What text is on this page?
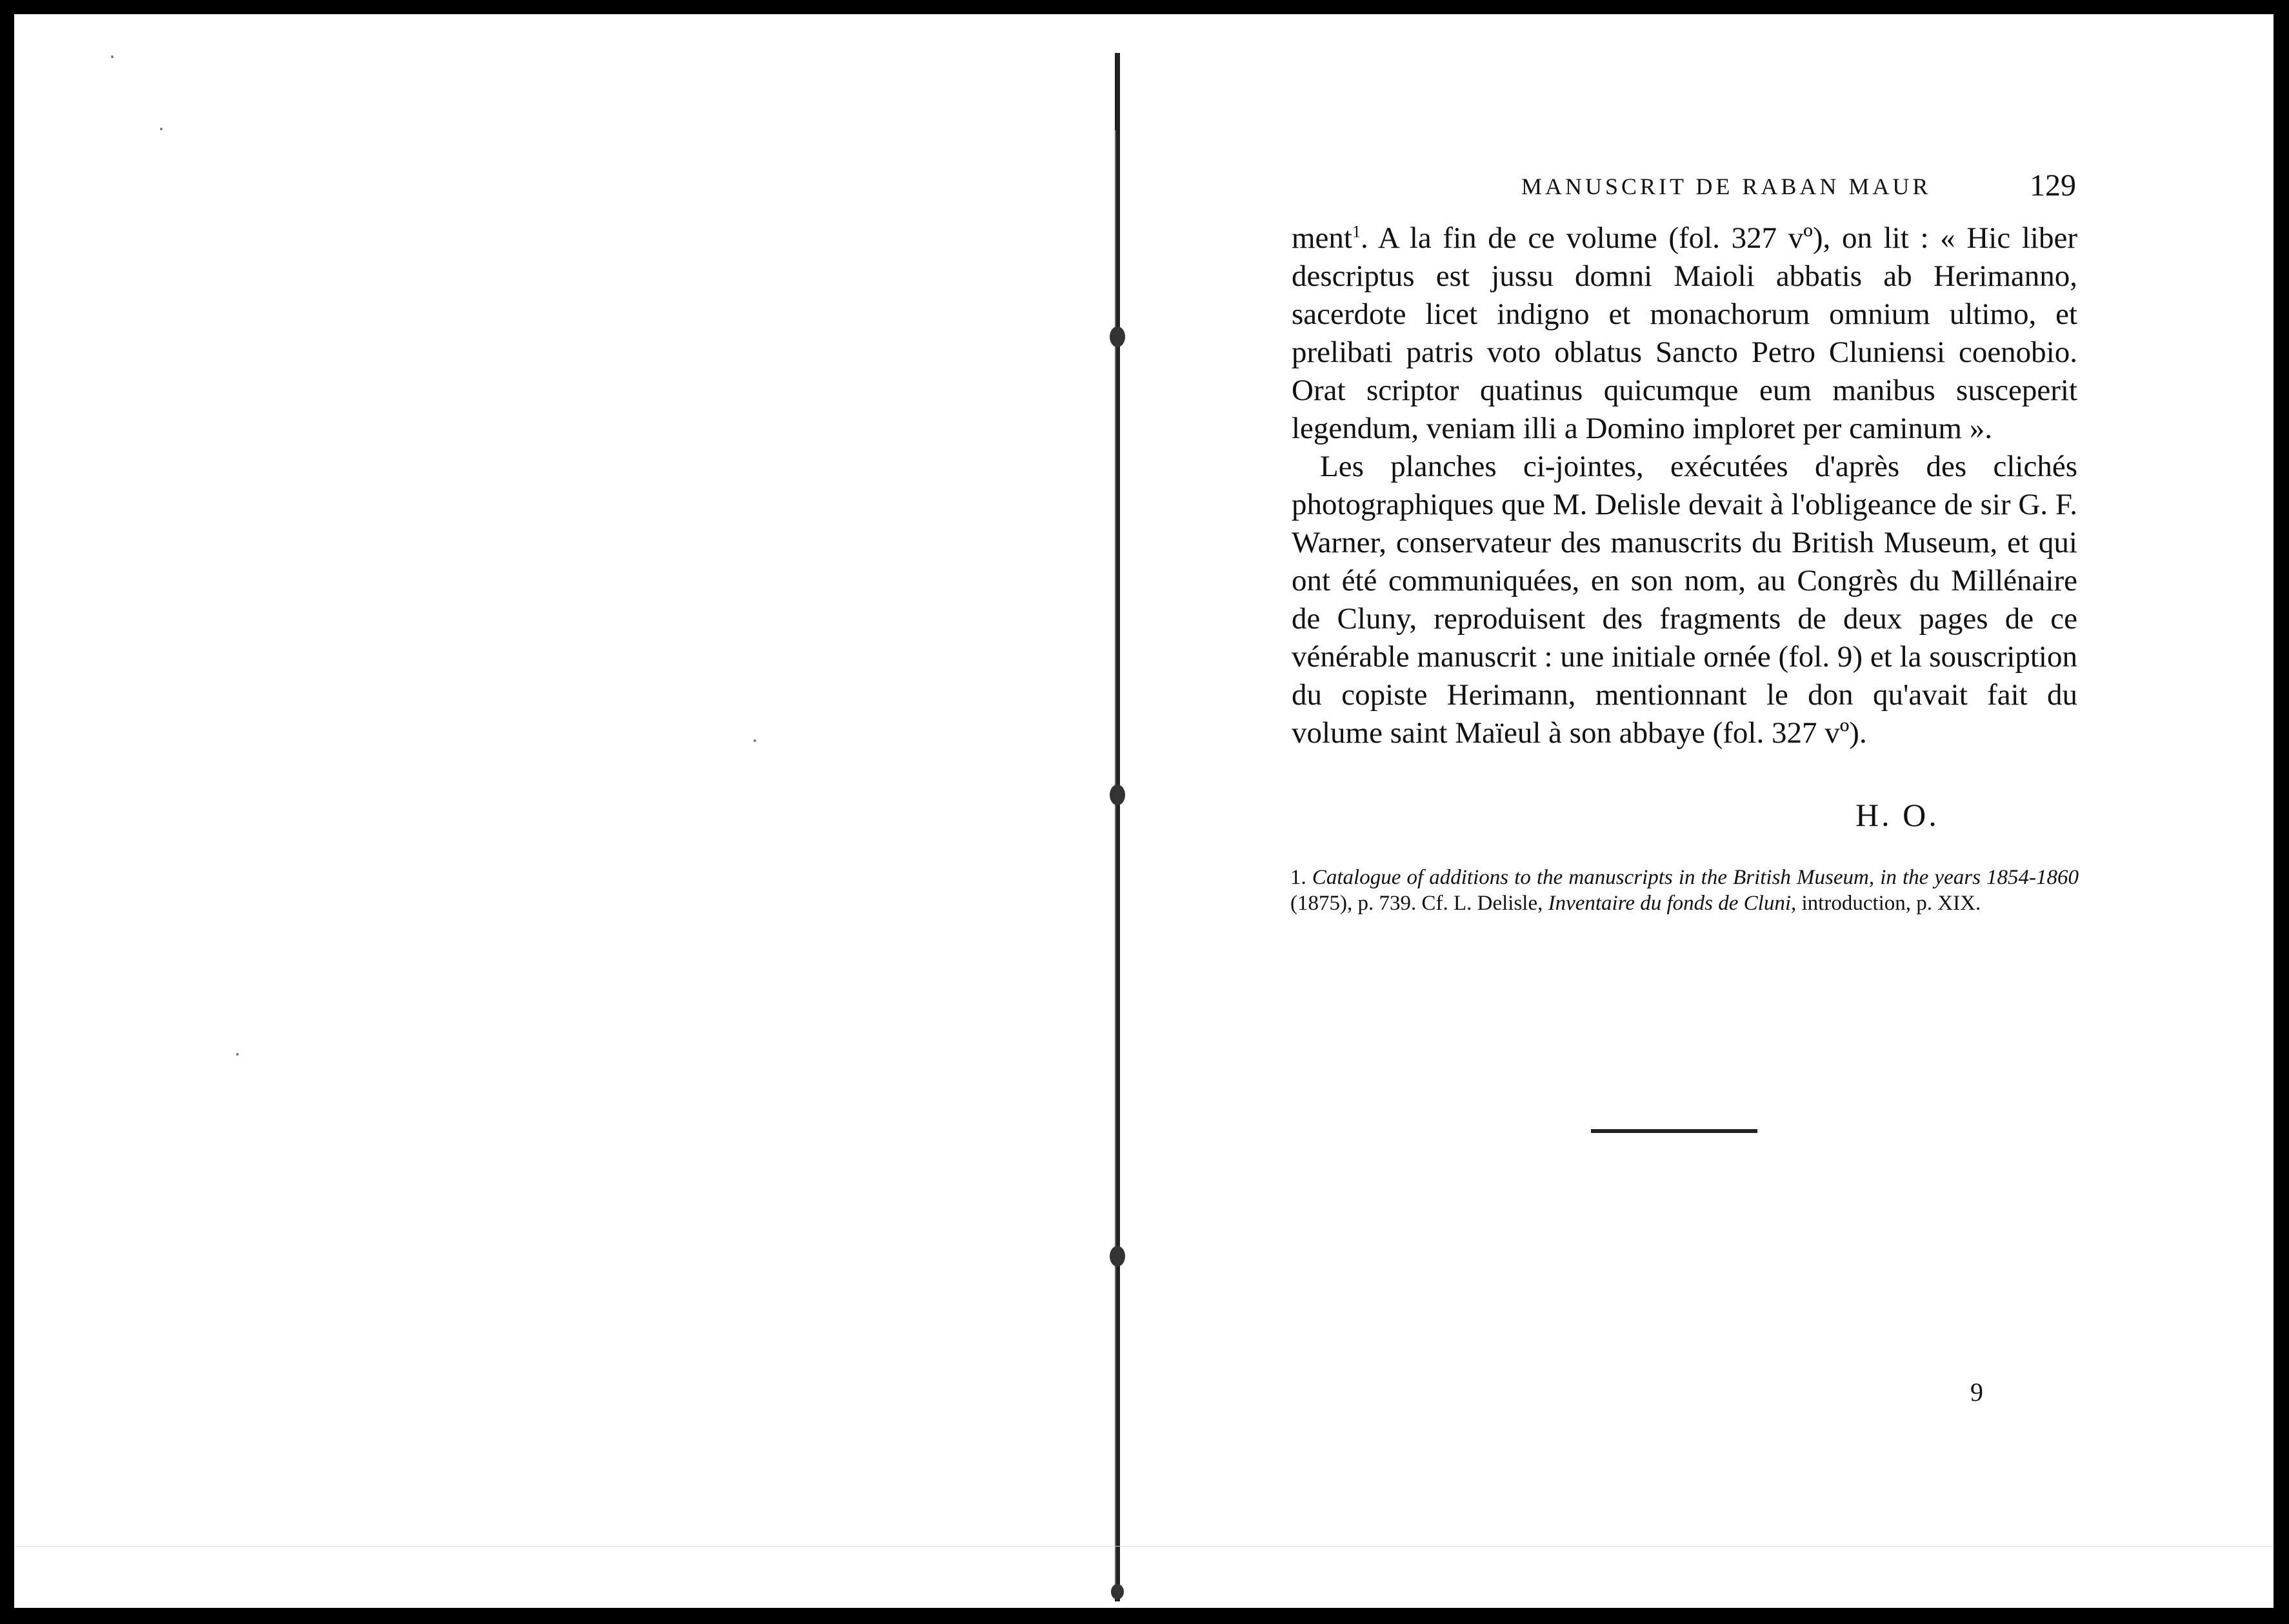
MANUSCRIT DE RABAN MAUR	129

ment$^1$. A la fin de ce volume (fol. 327 vº), on lit : « Hic liber descriptus est jussu domni Maioli abbatis ab Herimanno, sacerdote licet indigno et monachorum omnium ultimo, et prelibati patris voto oblatus Sancto Petro Cluniensi coenobio. Orat scriptor quatinus quicumque eum manibus susceperit legendum, veniam illi a Domino imploret per caminum ».

Les planches ci-jointes, exécutées d'après des clichés photographiques que M. Delisle devait à l'obligeance de sir G. F. Warner, conservateur des manuscrits du British Museum, et qui ont été communiquées, en son nom, au Congrès du Millénaire de Cluny, reproduisent des fragments de deux pages de ce vénérable manuscrit : une initiale ornée (fol. 9) et la souscription du copiste Herimann, mentionnant le don qu'avait fait du volume saint Maïeul à son abbaye (fol. 327 vº).

H. O.
1. Catalogue of additions to the manuscripts in the British Museum, in the years 1854-1860 (1875), p. 739. Cf. L. Delisle, Inventaire du fonds de Cluni, introduction, p. XIX.
9
